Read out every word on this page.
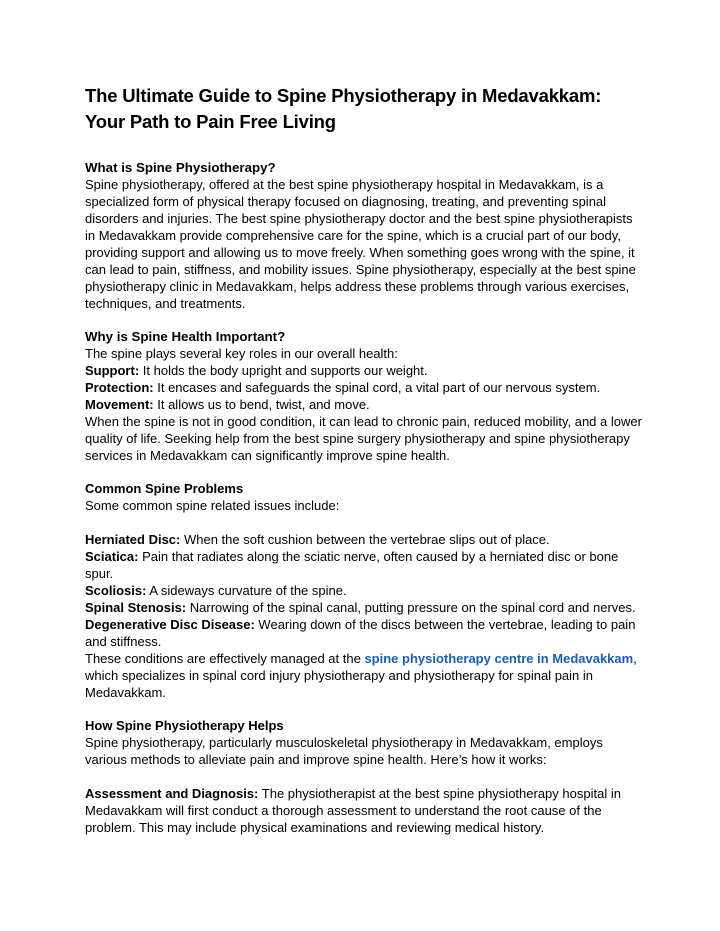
The Ultimate Guide to Spine Physiotherapy in Medavakkam: Your Path to Pain Free Living
What is Spine Physiotherapy?

Spine physiotherapy, offered at the best spine physiotherapy hospital in Medavakkam, is a specialized form of physical therapy focused on diagnosing, treating, and preventing spinal disorders and injuries. The best spine physiotherapy doctor and the best spine physiotherapists in Medavakkam provide comprehensive care for the spine, which is a crucial part of our body, providing support and allowing us to move freely. When something goes wrong with the spine, it can lead to pain, stiffness, and mobility issues. Spine physiotherapy, especially at the best spine physiotherapy clinic in Medavakkam, helps address these problems through various exercises, techniques, and treatments.

Why is Spine Health Important?

The spine plays several key roles in our overall health:

Support: It holds the body upright and supports our weight.

Protection: It encases and safeguards the spinal cord, a vital part of our nervous system.

Movement: It allows us to bend, twist, and move.

When the spine is not in good condition, it can lead to chronic pain, reduced mobility, and a lower quality of life. Seeking help from the best spine surgery physiotherapy and spine physiotherapy services in Medavakkam can significantly improve spine health.

Common Spine Problems

Some common spine related issues include:

Herniated Disc: When the soft cushion between the vertebrae slips out of place.

Sciatica: Pain that radiates along the sciatic nerve, often caused by a herniated disc or bone spur.

Scoliosis: A sideways curvature of the spine.

Spinal Stenosis: Narrowing of the spinal canal, putting pressure on the spinal cord and nerves.

Degenerative Disc Disease: Wearing down of the discs between the vertebrae, leading to pain and stiffness.

These conditions are effectively managed at the spine physiotherapy centre in Medavakkam, which specializes in spinal cord injury physiotherapy and physiotherapy for spinal pain in Medavakkam.

How Spine Physiotherapy Helps

Spine physiotherapy, particularly musculoskeletal physiotherapy in Medavakkam, employs various methods to alleviate pain and improve spine health. Here’s how it works:

Assessment and Diagnosis: The physiotherapist at the best spine physiotherapy hospital in Medavakkam will first conduct a thorough assessment to understand the root cause of the problem. This may include physical examinations and reviewing medical history.
